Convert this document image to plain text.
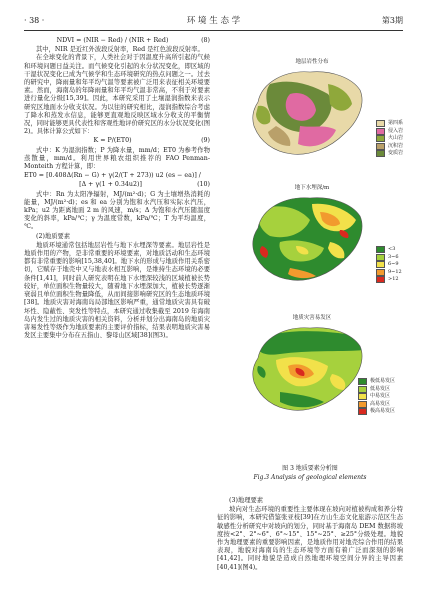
· 38 ·	环 境 生 态 学	第3期
NDVI = (NIR − Red) / (NIR + Red)	(8)

其中，NIR 是近红外波段反射率，Red 是红色波段反射率。

在全球变化的背景下，人类社会对于因温度升高所引起的气候和环境问题日益关注。而气候变化引起的水分状况变化，即区域的干湿状况变化已成为气候学和生态环境研究的热点问题之一。过去的研究中，降雨量和年平均气温等要素被广泛用来表征相关环境要素。然而，海南岛的年降雨量和年平均气温非常高，不利于对要素进行量化分级[15,39]。因此，本研究采用了土壤湿润指数来表示研究区地面水分收支状况。为以往的研究相比，湿润指数综合考虑了降水和蒸发水信息，能够更直观地反映区域水分收支的平衡情况，同时能够更具代表性和客观性地评价研究区的水分状况变化(图2)。具体计算公式如下：

K = P/(ET0)	(9)

式中：K 为湿润指数；P 为降水量，mm/d；ET0 为参考作物蒸散量，mm/d。利用世界粮农组织推荐的 FAO Penman-Monteith 方程计算，即：

ET0 = [0.408Δ(Rn − G) + γ(2/(T + 273)) u2 (es − ea)] /
[Δ + γ(1 + 0.34u2)]	(10)

式中：Rn 为太阳净辐射，MJ/(m²·d)；G 为土壤增热消耗的能量，MJ/(m²·d)；es 和 ea 分别为饱和水汽压和实际水汽压，kPa；u2 为距离地面 2 m 的风速，m/s；Δ 为饱和水汽压随温度变化的斜率，kPa/℃；γ 为温度常数，kPa/℃；T 为平均温度，℃。

(2)地质要素

地质环境通常包括地层岩性与地下水埋深等要素。地层岩性是地质作用的产物，是非常重要的环境要素，对地质活动和生态环境都有非常重要的影响[15,38,40]。地下水的形成与地质作用关系密切，它赋存于地壳中又与地表水相互影响，是维持生态环境的必要条件[1,41]，同时前人研究表明在地下水埋深较浅的区域植被长势较好，单位面积生物量较大，随着地下水埋深加大，植被长势逐渐衰弱且单位面积生物量降低，从而间接影响研究区的生态地质环境[38]。地质灾害对海南岛局部地区影响严重，通常地质灾害具有破坏性、隐蔽性、突发性等特点，本研究通过收集截至 2019 年海南岛内发生过的地质灾害的相关资料，分析并划分出海南岛的地质灾害易发性等级作为地质要素的主要评价指标，结果表明地质灾害易发区主要集中分布在五指山、黎母山区域[38](图3)。

地层岩性分布
第四系
侵入岩
火山岩
沉积岩
变质岩
地下水埋深/m
<3
3~6
6~9
9~12
>12
地质灾害易发区
极低易发区
低易发区
中易发区
高易发区
极高易发区
图 3 地质要素分析图
Fig.3 Analysis of geological elements
(3)地理要素

坡向对生态环境的重要性主要体现在坡向对植被构成和养分特征的影响，本研究借鉴张亚枝[39]在方山生态文化旅游示范区生态敏感性分析研究中对坡向的划分，同时基于海南岛 DEM 数据将坡度按<2°、2°~6°、6°~15°、15°~25°、≥25°分级处理。地貌作为地理要素的重要影响因素，是地质作用对地壳综合作用的结果表现，地貌对海南岛的生态环境等方面有着广泛而深刻的影响[41,42]。同时地貌是造成自然地理环境空间分异的主导因素[40,41](图4)。
